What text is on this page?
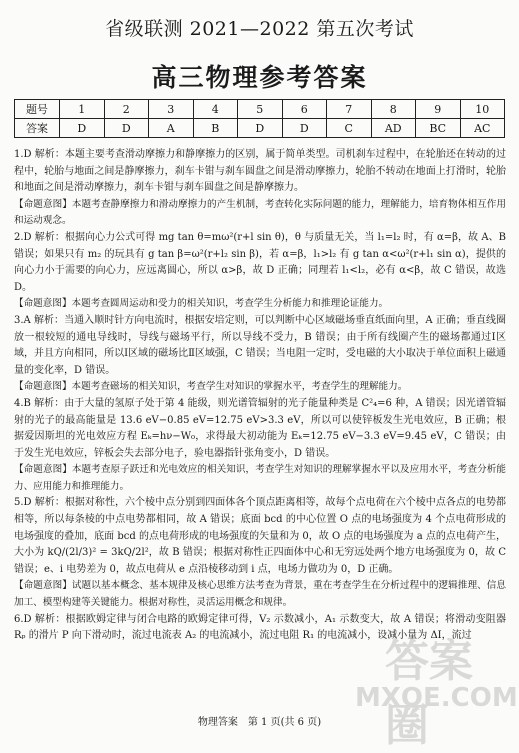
省级联测 2021—2022 第五次考试
高三物理参考答案
题号	1	2	3	4	5	6	7	8	9	10
答案	D	D	A	B	D	D	C	AD	BC	AC

1.D 解析：本题主要考查滑动摩擦力和静摩擦力的区别，属于简单类型。司机刹车过程中，在轮胎还在转动的过程中，轮胎与地面之间是静摩擦力，刹车卡钳与刹车圆盘之间是滑动摩擦力，轮胎不转动在地面上打滑时，轮胎和地面之间是滑动摩擦力，刹车卡钳与刹车圆盘之间是静摩擦力。

【命题意图】本题考查静摩擦力和滑动摩擦力的产生机制，考查转化实际问题的能力，理解能力，培育物体相互作用和运动观念。

2.D 解析：根据向心力公式可得 mg tan θ=mω²(r+l sin θ)，θ 与质量无关，当 l₁=l₂ 时，有 α=β，故 A、B 错误；如果只有 m₂ 的玩具有 g tan β=ω²(r+l₂ sin β)，若 α=β，l₁>l₂ 有 g tan α<ω²(r+l₁ sin α)，提供的向心力小于需要的向心力，应远离圆心，所以 α>β，故 D 正确；同理若 l₁<l₂，必有 α<β，故 C 错误，故选 D。

【命题意图】本题考查圆周运动和受力的相关知识，考查学生分析能力和推理论证能力。

3.A 解析：当通入顺时针方向电流时，根据安培定则，可以判断中心区域磁场垂直纸面向里，A 正确；垂直线圈放一根较短的通电导线时，导线与磁场平行，所以导线不受力，B 错误；由于所有线圈产生的磁场都通过Ⅰ区域，并且方向相同，所以Ⅰ区域的磁场比Ⅱ区域强，C 错误；当电阻一定时，受电磁的大小取决于单位面积上磁通量的变化率，D 错误。

【命题意图】本题考查磁场的相关知识，考查学生对知识的掌握水平，考查学生的理解能力。

4.B 解析：由于大量的氢原子处于第 4 能级，则光谱管辐射的光子能量种类是 C²₄=6 种，A 错误；因光谱管辐射的光子的最高能量是 13.6 eV−0.85 eV=12.75 eV>3.3 eV，所以可以使锌板发生光电效应，B 正确；根据爱因斯坦的光电效应方程 Eₖ=hν−W₀，求得最大初动能为 Eₖ=12.75 eV−3.3 eV=9.45 eV，C 错误；由于发生光电效应，锌板会失去部分电子，验电器指针张角变小，D 错误。

【命题意图】本题考查原子跃迁和光电效应的相关知识，考查学生对知识的理解掌握水平以及应用水平，考查分析能力、应用能力和推理能力。

5.D 解析：根据对称性，六个棱中点分别到四面体各个顶点距离相等，故每个点电荷在六个棱中点各点的电势都相等，所以每条棱的中点电势都相同，故 A 错误；底面 bcd 的中心位置 O 点的电场强度为 4 个点电荷形成的电场强度的叠加，底面 bcd 的点电荷形成的电场强度的矢量和为 0，故 O 点的电场强度为 a 点的点电荷产生，大小为 kQ/(2l/3)² = 3kQ/2l²，故 B 错误；根据对称性正四面体中心和无穷远处两个地方电场强度为 0，故 C 错误；e、i 电势差为 0，故点电荷从 e 点沿棱移动到 i 点，电场力做功为 0，D 正确。

【命题意图】试题以基本概念、基本规律及核心思维方法考查为背景，重在考查学生在分析过程中的逻辑推理、信息加工、模型构建等关键能力。根据对称性，灵活运用概念和规律。

6.D 解析：根据欧姆定律与闭合电路的欧姆定律可得，V₂ 示数减小，A₁ 示数变大，故 A 错误；将滑动变阻器 Rₚ 的滑片 P 向下滑动时，流过电流表 A₂ 的电流减小，流过电阻 R₁ 的电流减小，设减小量为 ΔI，流过

答案圈
MXQE.COM
物理答案　第 1 页(共 6 页)
